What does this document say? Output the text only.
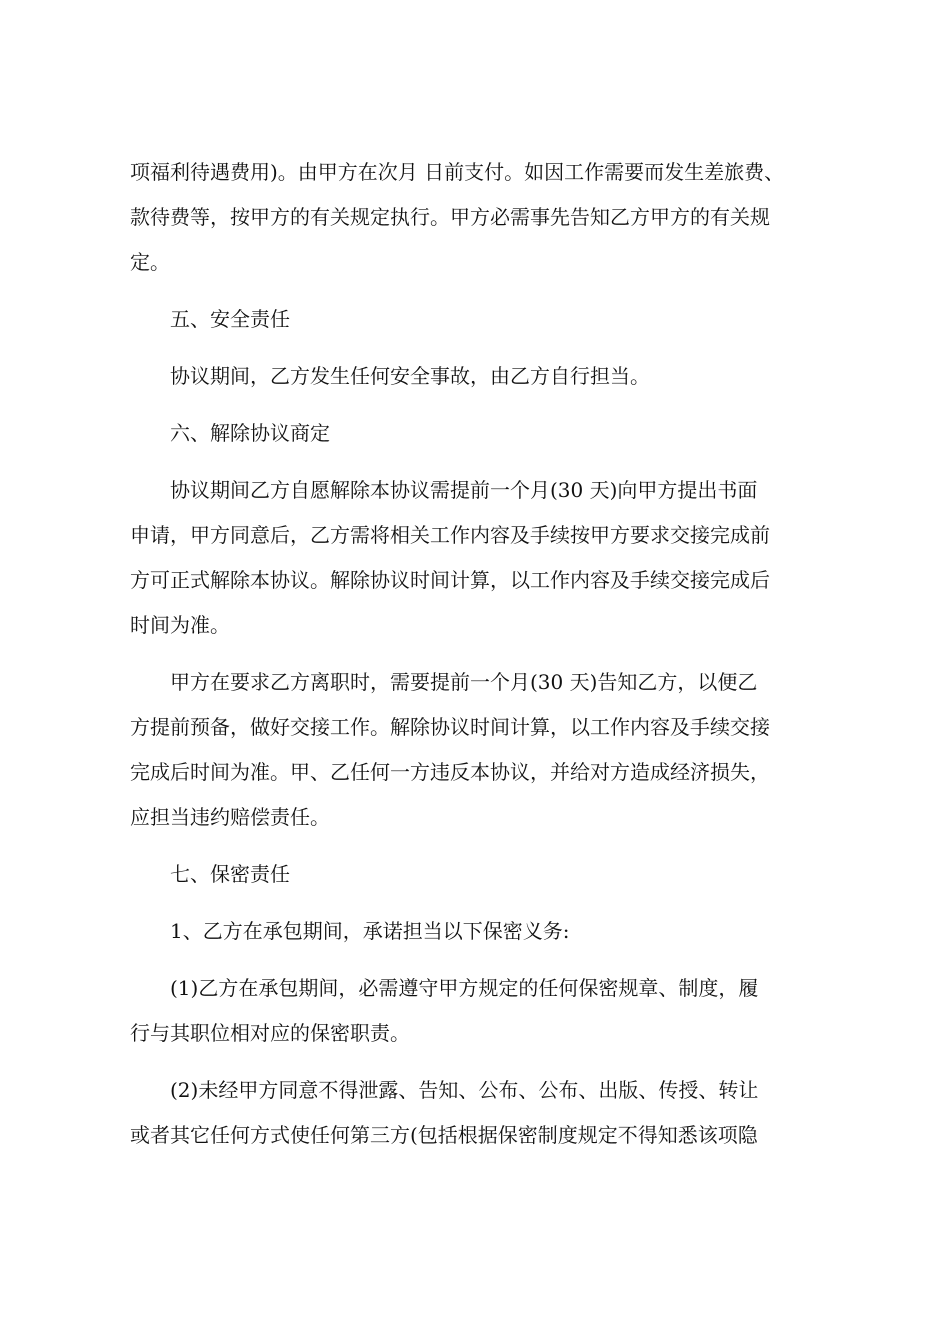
项福利待遇费用)。由甲方在次月 日前支付。如因工作需要而发生差旅费、
款待费等，按甲方的有关规定执行。甲方必需事先告知乙方甲方的有关规
定。
五、安全责任
协议期间，乙方发生任何安全事故，由乙方自行担当。
六、解除协议商定
协议期间乙方自愿解除本协议需提前一个月(30 天)向甲方提出书面
申请，甲方同意后，乙方需将相关工作内容及手续按甲方要求交接完成前
方可正式解除本协议。解除协议时间计算，以工作内容及手续交接完成后
时间为准。
甲方在要求乙方离职时，需要提前一个月(30 天)告知乙方，以便乙
方提前预备，做好交接工作。解除协议时间计算，以工作内容及手续交接
完成后时间为准。甲、乙任何一方违反本协议，并给对方造成经济损失，
应担当违约赔偿责任。
七、保密责任
1、乙方在承包期间，承诺担当以下保密义务:
(1)乙方在承包期间，必需遵守甲方规定的任何保密规章、制度，履
行与其职位相对应的保密职责。
(2)未经甲方同意不得泄露、告知、公布、公布、出版、传授、转让
或者其它任何方式使任何第三方(包括根据保密制度规定不得知悉该项隐
